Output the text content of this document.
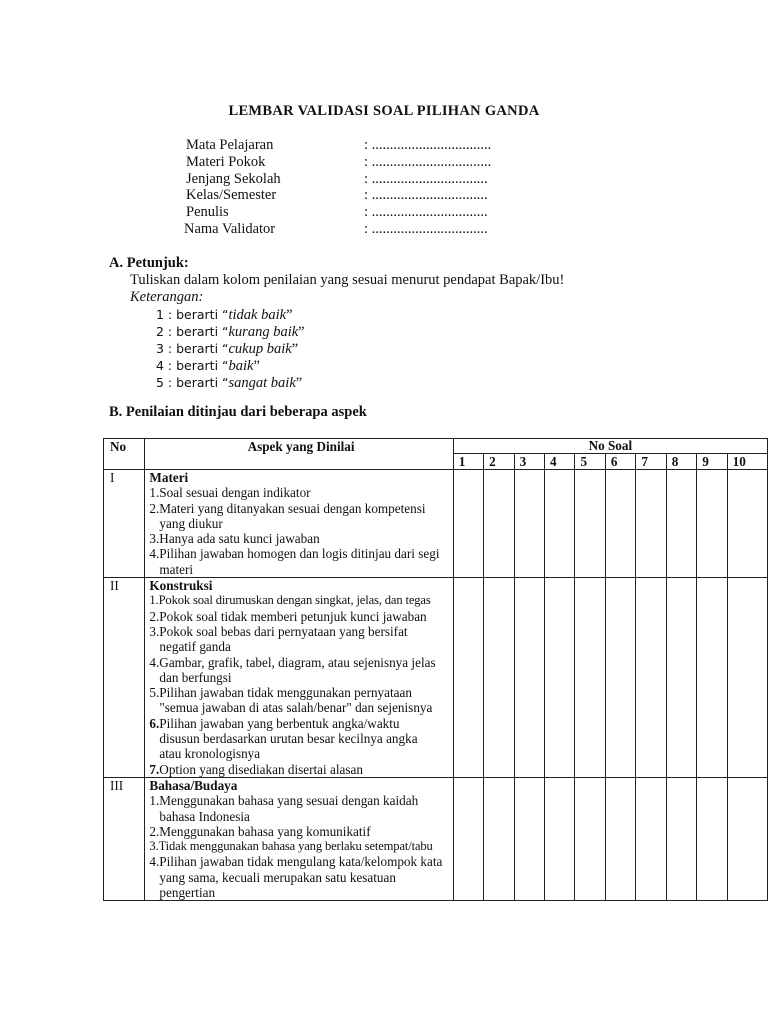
LEMBAR VALIDASI SOAL PILIHAN GANDA
Mata Pelajaran	: .................................
Materi Pokok	: .................................
Jenjang Sekolah	: ................................
Kelas/Semester	: ................................
Penulis	: ................................
Nama Validator	: ................................
A. Petunjuk:
Tuliskan dalam kolom penilaian yang sesuai menurut pendapat Bapak/Ibu!
Keterangan:
1 : berarti “tidak baik”
2 : berarti “kurang baik”
3 : berarti “cukup baik”
4 : berarti “baik”
5 : berarti “sangat baik”
B. Penilaian ditinjau dari beberapa aspek
No	Aspek yang Dinilai	No Soal									
		1	2	3	4	5	6	7	8	9	10
I	Materi
1.Soal sesuai dengan indikator
2.Materi yang ditanyakan sesuai dengan kompetensi
yang diukur
3.Hanya ada satu kunci jawaban
4.Pilihan jawaban homogen dan logis ditinjau dari segi
materi

II	Konstruksi
1.Pokok soal dirumuskan dengan singkat, jelas, dan tegas
2.Pokok soal tidak memberi petunjuk kunci jawaban
3.Pokok soal bebas dari pernyataan yang bersifat
negatif ganda
4.Gambar, grafik, tabel, diagram, atau sejenisnya jelas
dan berfungsi
5.Pilihan jawaban tidak menggunakan pernyataan
"semua jawaban di atas salah/benar" dan sejenisnya
6.Pilihan jawaban yang berbentuk angka/waktu
disusun berdasarkan urutan besar kecilnya angka
atau kronologisnya
7.Option yang disediakan disertai alasan

III	Bahasa/Budaya
1.Menggunakan bahasa yang sesuai dengan kaidah
bahasa Indonesia
2.Menggunakan bahasa yang komunikatif
3.Tidak menggunakan bahasa yang berlaku setempat/tabu
4.Pilihan jawaban tidak mengulang kata/kelompok kata
yang sama, kecuali merupakan satu kesatuan pengertian
